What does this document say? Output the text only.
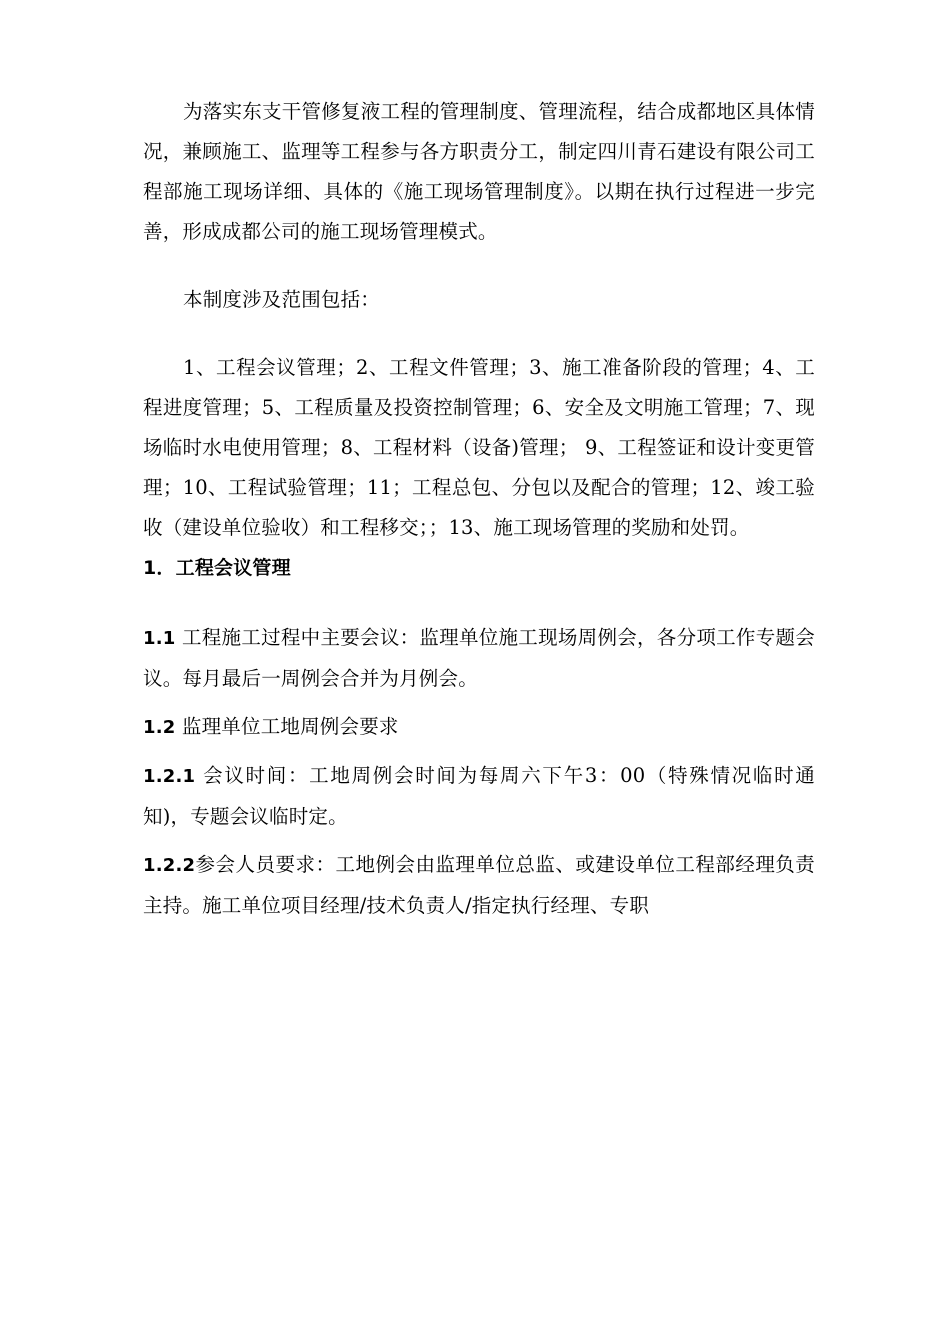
为落实东支干管修复液工程的管理制度、管理流程，结合成都地区具体情况，兼顾施工、监理等工程参与各方职责分工，制定四川青石建设有限公司工程部施工现场详细、具体的《施工现场管理制度》。以期在执行过程进一步完善，形成成都公司的施工现场管理模式。

本制度涉及范围包括：

1、工程会议管理；2、工程文件管理；3、施工准备阶段的管理；4、工程进度管理；5、工程质量及投资控制管理；6、安全及文明施工管理；7、现场临时水电使用管理；8、工程材料（设备)管理； 9、工程签证和设计变更管理；10、工程试验管理；11；工程总包、分包以及配合的管理；12、竣工验收（建设单位验收）和工程移交；；13、施工现场管理的奖励和处罚。

1．工程会议管理

1.1 工程施工过程中主要会议：监理单位施工现场周例会，各分项工作专题会议。每月最后一周例会合并为月例会。

1.2 监理单位工地周例会要求

1.2.1 会议时间：工地周例会时间为每周六下午3：00（特殊情况临时通知)，专题会议临时定。

1.2.2参会人员要求：工地例会由监理单位总监、或建设单位工程部经理负责主持。施工单位项目经理/技术负责人/指定执行经理、专职
